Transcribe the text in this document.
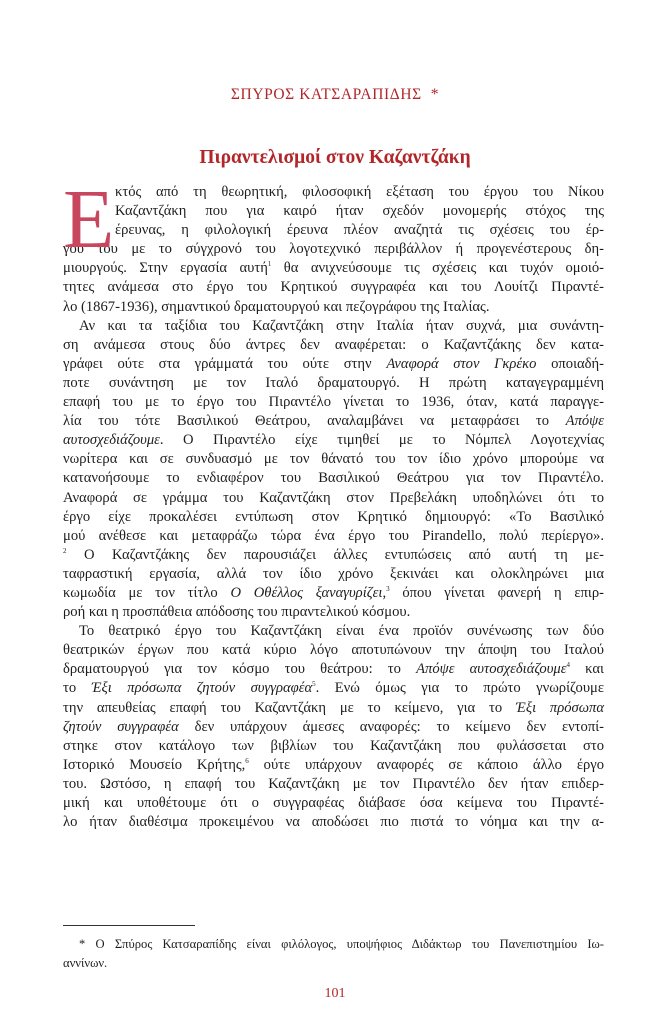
ΣΠΥΡΟΣ ΚΑΤΣΑΡΑΠΙΔΗΣ *
Πιραντελισμοί στον Καζαντζάκη
Ε κτός από τη θεωρητική, φιλοσοφική εξέταση του έργου του Νίκου
Καζαντζάκη που για καιρό ήταν σχεδόν μονομερής στόχος της
έρευνας, η φιλολογική έρευνα πλέον αναζητά τις σχέσεις του έρ-
γου του με το σύγχρονό του λογοτεχνικό περιβάλλον ή προγενέστερους δη-
μιουργούς. Στην εργασία αυτή$^1$ θα ανιχνεύσουμε τις σχέσεις και τυχόν ομοιό-
τητες ανάμεσα στο έργο του Κρητικού συγγραφέα και του Λουίτζι Πιραντέ-
λο (1867-1936), σημαντικού δραματουργού και πεζογράφου της Ιταλίας.
Αν και τα ταξίδια του Καζαντζάκη στην Ιταλία ήταν συχνά, μια συνάντη-
ση ανάμεσα στους δύο άντρες δεν αναφέρεται: ο Καζαντζάκης δεν κατα-
γράφει ούτε στα γράμματά του ούτε στην Αναφορά στον Γκρέκο οποιαδή-
ποτε συνάντηση με τον Ιταλό δραματουργό. Η πρώτη καταγεγραμμένη
επαφή του με το έργο του Πιραντέλο γίνεται το 1936, όταν, κατά παραγγε-
λία του τότε Βασιλικού Θεάτρου, αναλαμβάνει να μεταφράσει το Απόψε
αυτοσχεδιάζουμε. Ο Πιραντέλο είχε τιμηθεί με το Νόμπελ Λογοτεχνίας
νωρίτερα και σε συνδυασμό με τον θάνατό του τον ίδιο χρόνο μπορούμε να
κατανοήσουμε το ενδιαφέρον του Βασιλικού Θεάτρου για τον Πιραντέλο.
Αναφορά σε γράμμα του Καζαντζάκη στον Πρεβελάκη υποδηλώνει ότι το
έργο είχε προκαλέσει εντύπωση στον Κρητικό δημιουργό: «Το Βασιλικό
μού ανέθεσε και μεταφράζω τώρα ένα έργο του Pirandello, πολύ περίεργο».
$^2$ Ο Καζαντζάκης δεν παρουσιάζει άλλες εντυπώσεις από αυτή τη με-
ταφραστική εργασία, αλλά τον ίδιο χρόνο ξεκινάει και ολοκληρώνει μια
κωμωδία με τον τίτλο Ο Οθέλλος ξαναγυρίζει,$^3$ όπου γίνεται φανερή η επιρ-
ροή και η προσπάθεια απόδοσης του πιραντελικού κόσμου.
Το θεατρικό έργο του Καζαντζάκη είναι ένα προϊόν συνένωσης των δύο
θεατρικών έργων που κατά κύριο λόγο αποτυπώνουν την άποψη του Ιταλού
δραματουργού για τον κόσμο του θεάτρου: το Απόψε αυτοσχεδιάζουμε$^4$ και
το Έξι πρόσωπα ζητούν συγγραφέα$^5$. Ενώ όμως για το πρώτο γνωρίζουμε
την απευθείας επαφή του Καζαντζάκη με το κείμενο, για το Έξι πρόσωπα
ζητούν συγγραφέα δεν υπάρχουν άμεσες αναφορές: το κείμενο δεν εντοπί-
στηκε στον κατάλογο των βιβλίων του Καζαντζάκη που φυλάσσεται στο
Ιστορικό Μουσείο Κρήτης,$^6$ ούτε υπάρχουν αναφορές σε κάποιο άλλο έργο
του. Ωστόσο, η επαφή του Καζαντζάκη με τον Πιραντέλο δεν ήταν επιδερ-
μική και υποθέτουμε ότι ο συγγραφέας διάβασε όσα κείμενα του Πιραντέ-
λο ήταν διαθέσιμα προκειμένου να αποδώσει πιο πιστά το νόημα και την α-
* Ο Σπύρος Κατσαραπίδης είναι φιλόλογος, υποψήφιος Διδάκτωρ του Πανεπιστημίου Ιω-
αννίνων.
101
